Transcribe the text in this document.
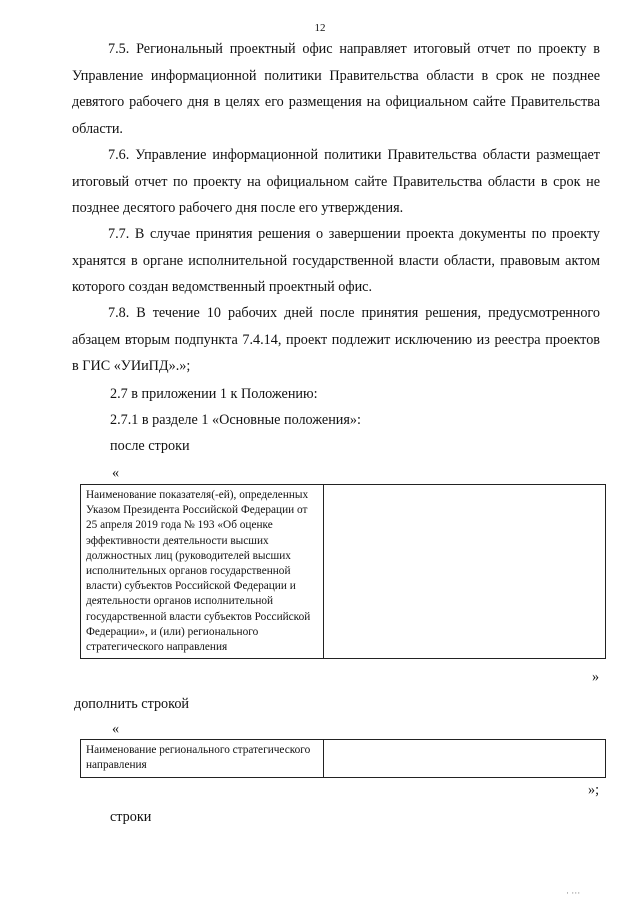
12

7.5. Региональный проектный офис направляет итоговый отчет по проекту в Управление информационной политики Правительства области в срок не позднее девятого рабочего дня в целях его размещения на официальном сайте Правительства области.

7.6. Управление информационной политики Правительства области размещает итоговый отчет по проекту на официальном сайте Правительства области в срок не позднее десятого рабочего дня после его утверждения.

7.7. В случае принятия решения о завершении проекта документы по проекту хранятся в органе исполнительной государственной власти области, правовым актом которого создан ведомственный проектный офис.

7.8. В течение 10 рабочих дней после принятия решения, предусмотренного абзацем вторым подпункта 7.4.14, проект подлежит исключению из реестра проектов в ГИС «УИиПД».»;

2.7 в приложении 1 к Положению:
2.7.1 в разделе 1 «Основные положения»:
после строки
«
Наименование показателя(-ей), определенных Указом Президента Российской Федерации от 25 апреля 2019 года № 193 «Об оценке эффективности деятельности высших должностных лиц (руководителей высших исполнительных органов государственной власти) субъектов Российской Федерации и деятельности органов исполнительной государственной власти субъектов Российской Федерации», и (или) регионального стратегического направления	
»
дополнить строкой
«
Наименование регионального стратегического направления	
»;
строки
· ···
